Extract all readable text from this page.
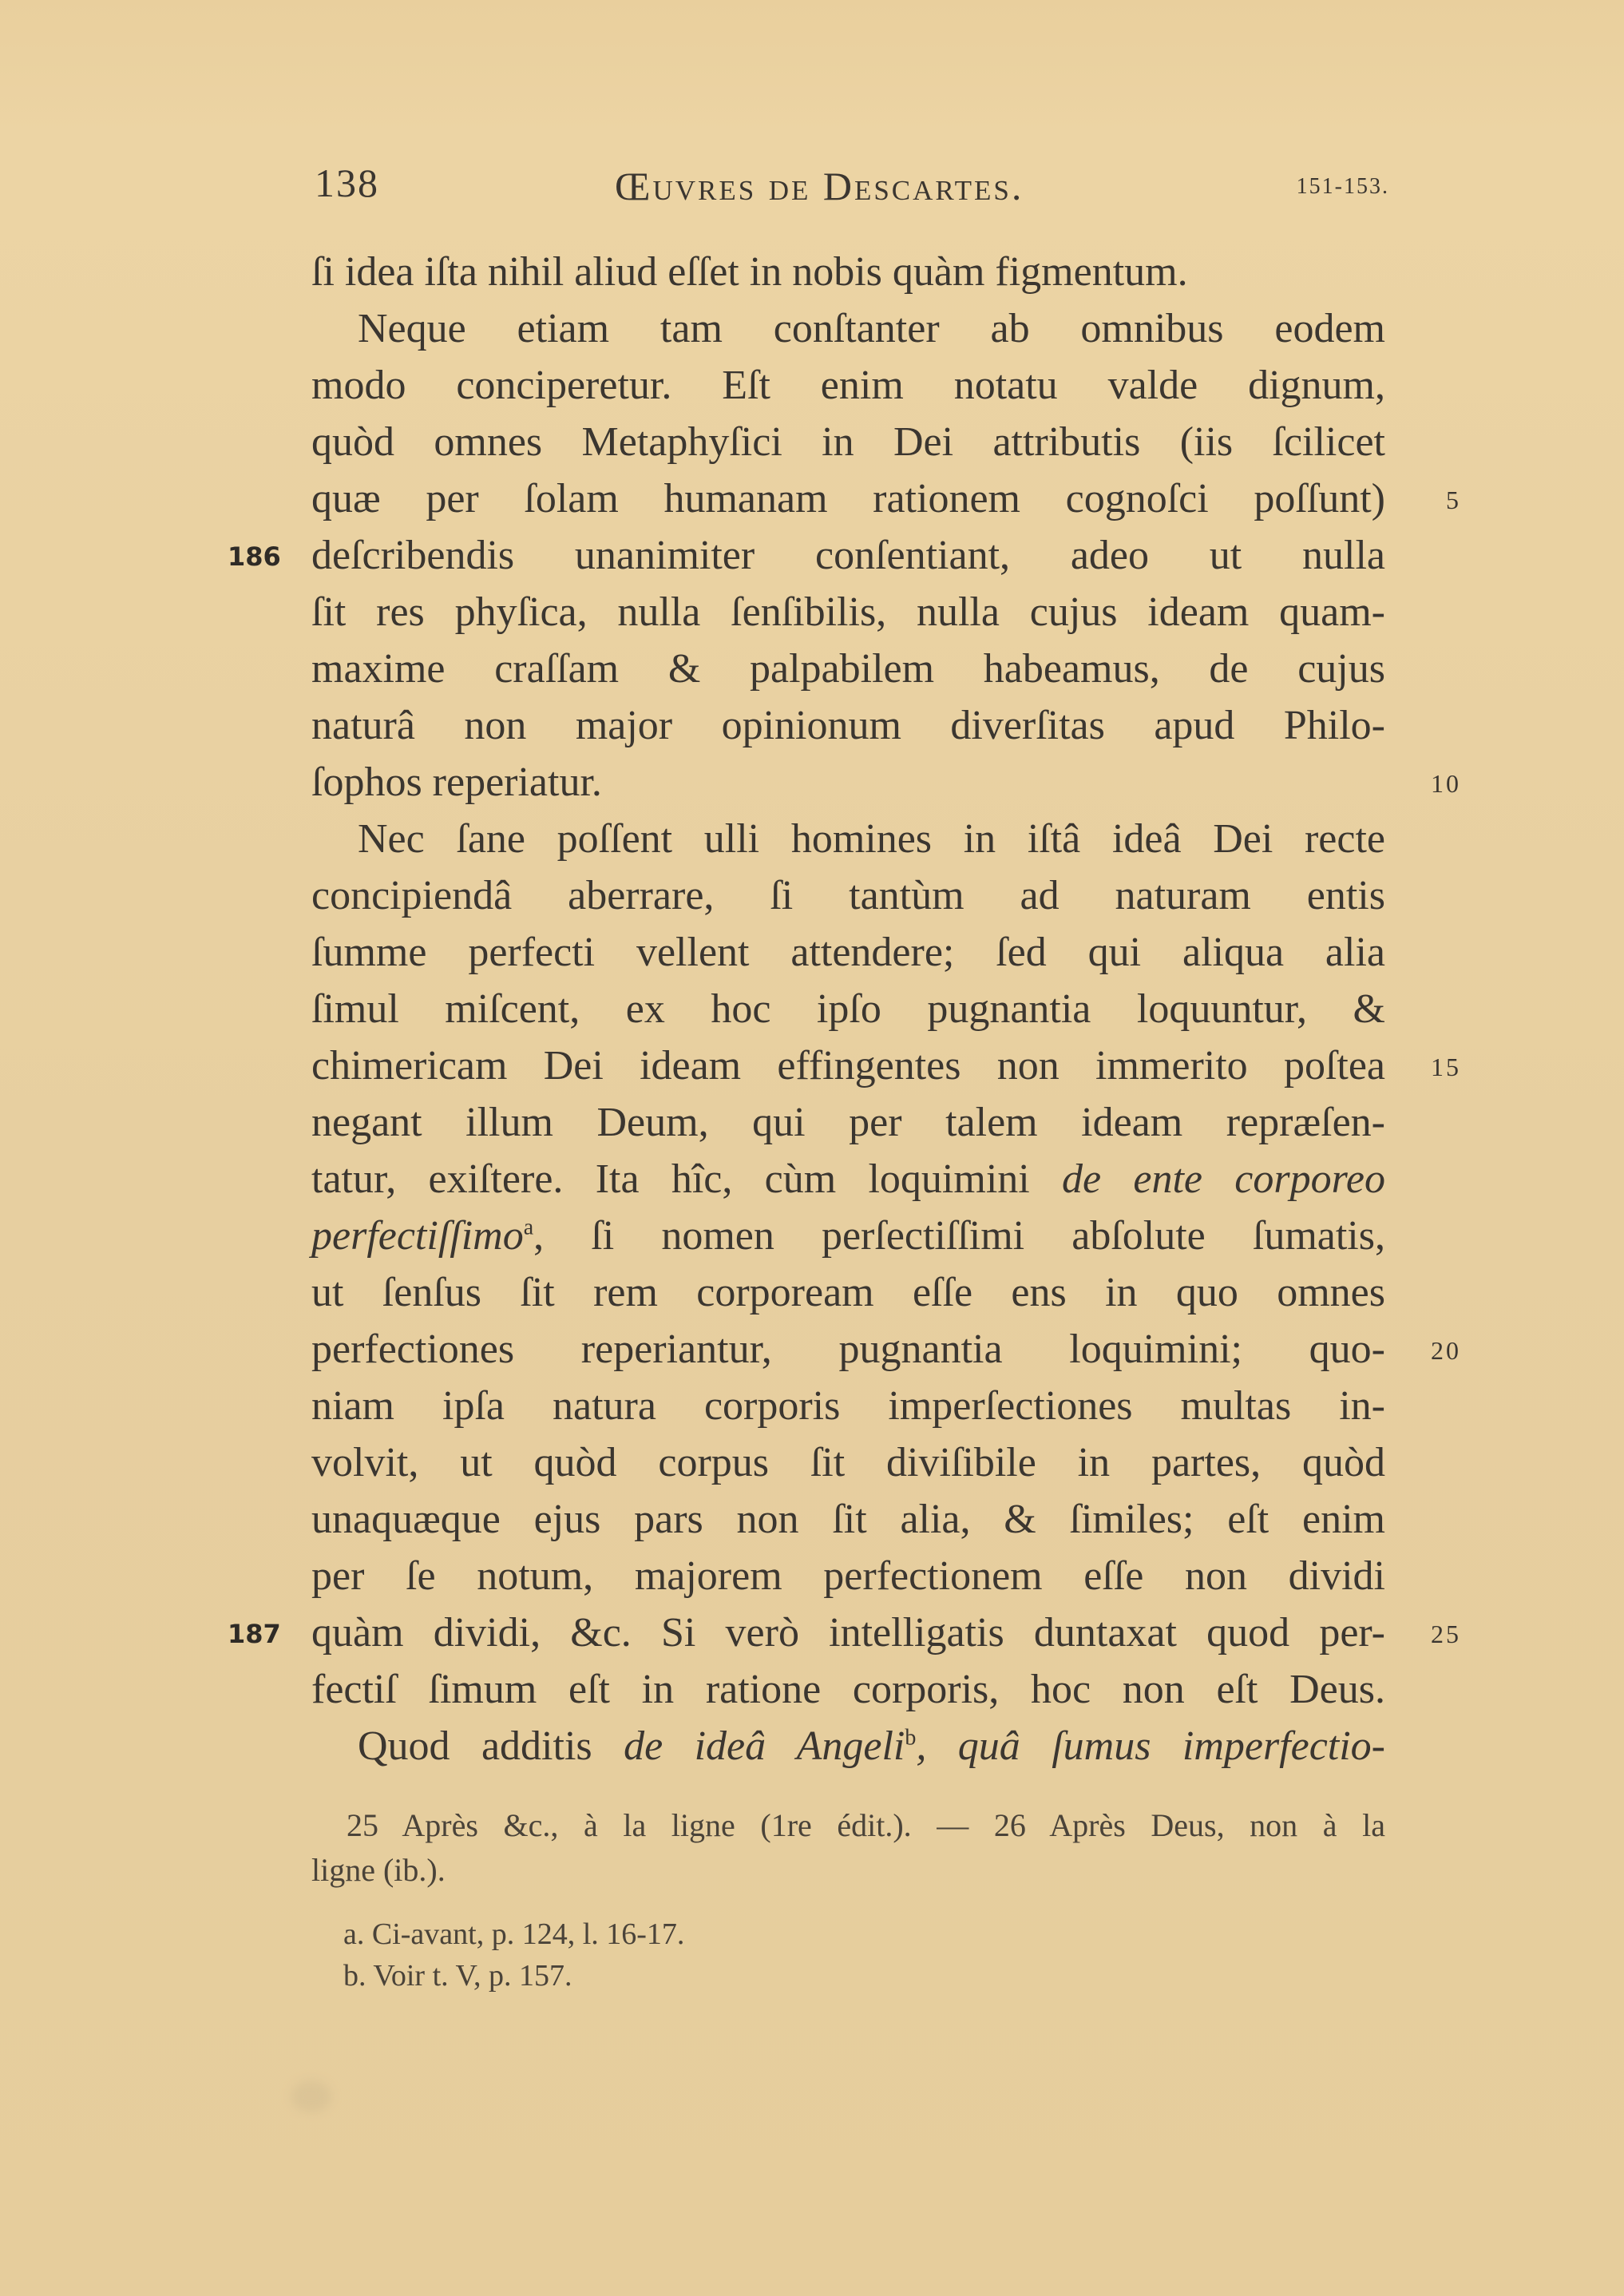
138	Œuvres de Descartes.	151-153.
ſi idea iſta nihil aliud eſſet in nobis quàm figmentum.
Neque etiam tam conſtanter ab omnibus eodem
modo conciperetur. Eſt enim notatu valde dignum,
quòd omnes Metaphyſici in Dei attributis (iis ſcilicet
quæ per ſolam humanam rationem cognoſci poſſunt) 5
deſcribendis unanimiter conſentiant, adeo ut nulla
186
ſit res phyſica, nulla ſenſibilis, nulla cujus ideam quam-
maxime craſſam & palpabilem habeamus, de cujus
naturâ non major opinionum diverſitas apud Philo-
ſophos reperiatur.	10
Nec ſane poſſent ulli homines in iſtâ ideâ Dei recte
concipiendâ aberrare, ſi tantùm ad naturam entis
ſumme perfecti vellent attendere; ſed qui aliqua alia
ſimul miſcent, ex hoc ipſo pugnantia loquuntur, &
chimericam Dei ideam effingentes non immerito poſtea 15
negant illum Deum, qui per talem ideam repræſen-
tatur, exiſtere. Ita hîc, cùm loquimini de ente corporeo
perfectiſſimo$^a$, ſi nomen perſectiſſimi abſolute ſumatis,
ut ſenſus ſit rem corpoream eſſe ens in quo omnes
perfectiones reperiantur, pugnantia loquimini; quo- 20
niam ipſa natura corporis imperſectiones multas in-
volvit, ut quòd corpus ſit diviſibile in partes, quòd
unaquæque ejus pars non ſit alia, & ſimiles; eſt enim
per ſe notum, majorem perfectionem eſſe non dividi
quàm dividi, &c. Si verò intelligatis duntaxat quod per-
187	25
fectiſ ſimum eſt in ratione corporis, hoc non eſt Deus.
Quod additis de ideâ Angeli$^b$, quâ ſumus imperfectio-
25 Après &c., à la ligne (1re édit.). — 26 Après Deus, non à la
ligne (ib.).
a. Ci-avant, p. 124, l. 16-17.
b. Voir t. V, p. 157.
